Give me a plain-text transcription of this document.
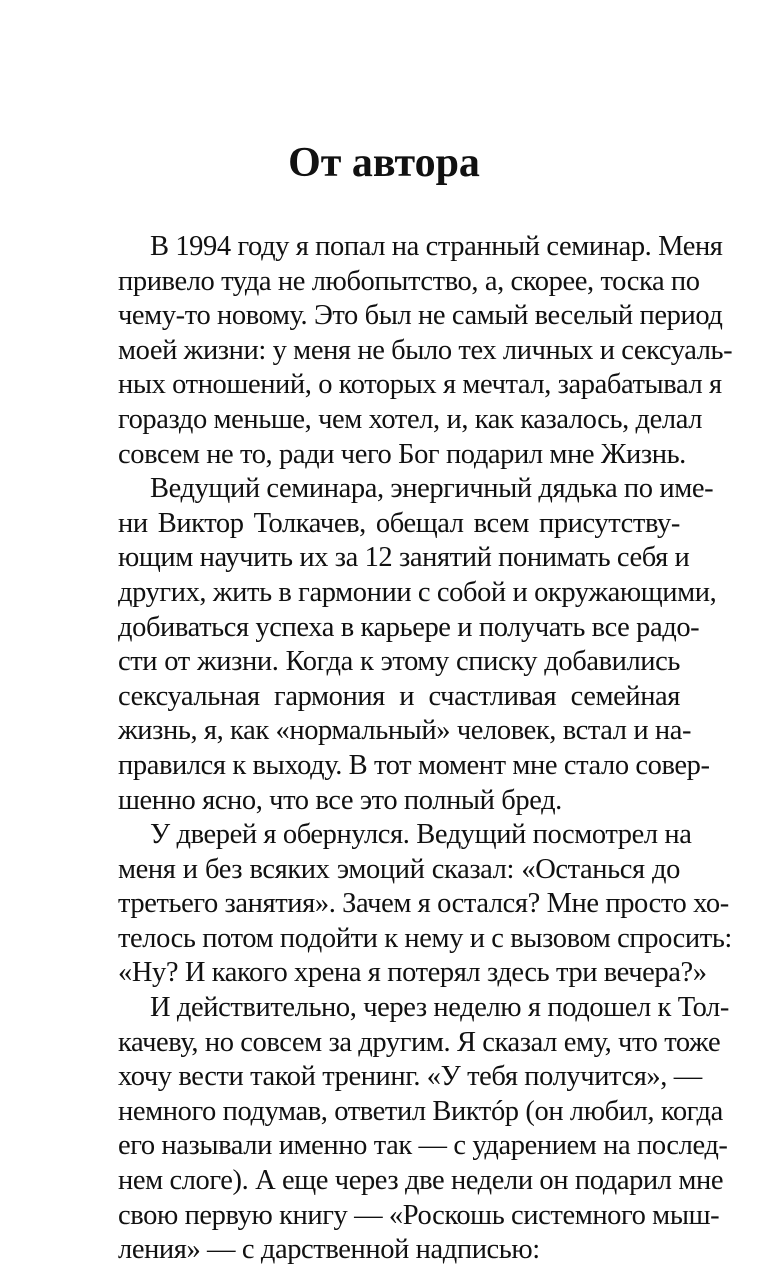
От автора

В 1994 году я попал на странный семинар. Меня
привело туда не любопытство, а, скорее, тоска по
чему-то новому. Это был не самый веселый период
моей жизни: у меня не было тех личных и сексуаль-
ных отношений, о которых я мечтал, зарабатывал я
гораздо меньше, чем хотел, и, как казалось, делал
совсем не то, ради чего Бог подарил мне Жизнь.

Ведущий семинара, энергичный дядька по име-
ни Виктор Толкачев, обещал всем присутству-
ющим научить их за 12 занятий понимать себя и
других, жить в гармонии с собой и окружающими,
добиваться успеха в карьере и получать все радо-
сти от жизни. Когда к этому списку добавились
сексуальная гармония и счастливая семейная
жизнь, я, как «нормальный» человек, встал и на-
правился к выходу. В тот момент мне стало совер-
шенно ясно, что все это полный бред.

У дверей я обернулся. Ведущий посмотрел на
меня и без всяких эмоций сказал: «Останься до
третьего занятия». Зачем я остался? Мне просто хо-
телось потом подойти к нему и с вызовом спросить:
«Ну? И какого хрена я потерял здесь три вечера?»

И действительно, через неделю я подошел к Тол-
качеву, но совсем за другим. Я сказал ему, что тоже
хочу вести такой тренинг. «У тебя получится», —
немного подумав, ответил Виктóр (он любил, когда
его называли именно так — с ударением на послед-
нем слоге). А еще через две недели он подарил мне
свою первую книгу — «Роскошь системного мыш-
ления» — с дарственной надписью:
